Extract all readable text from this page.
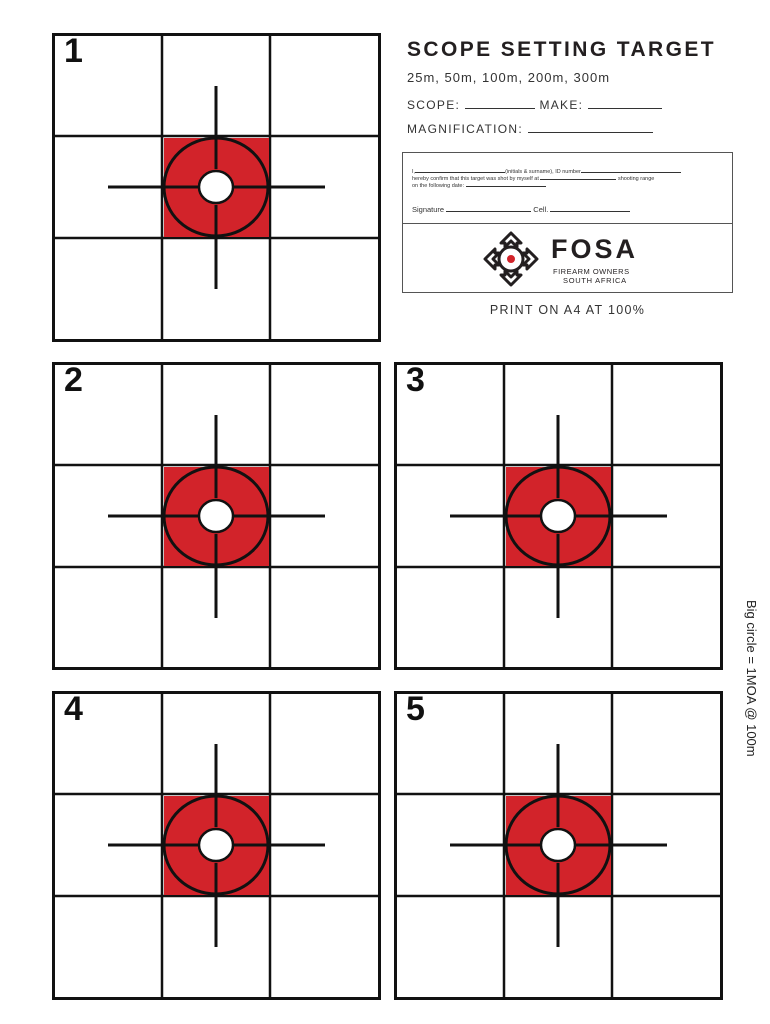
1
2	3
4	5
SCOPE SETTING TARGET
25m, 50m, 100m, 200m, 300m
SCOPE:	MAKE:
MAGNIFICATION:
I,	(initials & surname), ID number
hereby confirm that this target was shot by myself at	shooting range
on the following date:
Signature	Cell.
FOSA
FIREARM OWNERS
SOUTH AFRICA
PRINT ON A4 AT 100%
Big circle = 1MOA @ 100m
